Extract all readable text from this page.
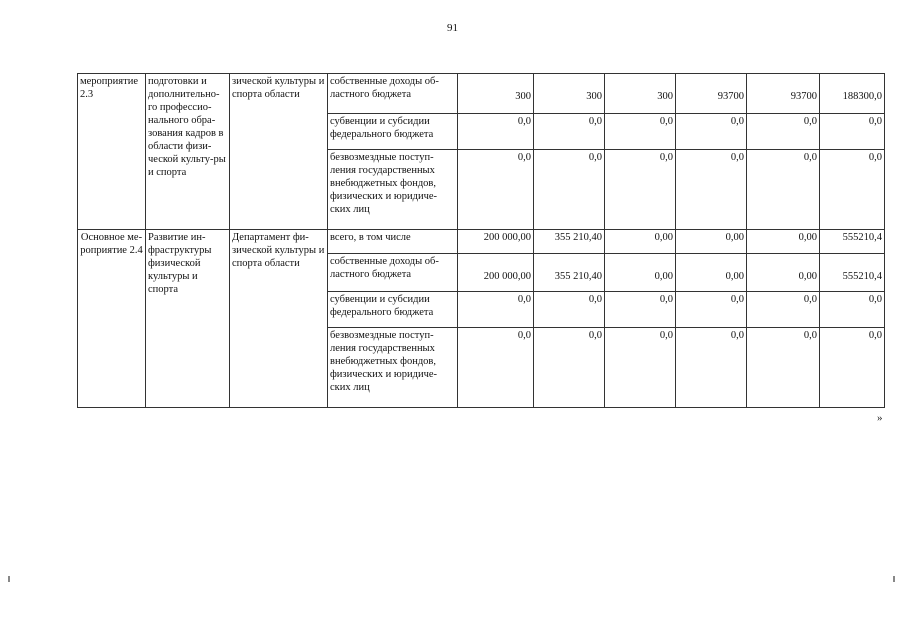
91
мероприятие 2.3	подготовки и дополнительно-го профессио-нального обра-зования кадров в области физи-ческой культу-ры и спорта	зической культуры и спорта области	собственные доходы об-ластного бюджета	300	300	300	93700	93700	188300,0
			субвенции и субсидии федерального бюджета	0,0	0,0	0,0	0,0	0,0	0,0
			безвозмездные поступ-ления государственных внебюджетных фондов, физических и юридиче-ских лиц	0,0	0,0	0,0	0,0	0,0	0,0
Основное ме-роприятие 2.4	Развитие ин-фраструктуры физической культуры и спорта	Департамент фи-зической культуры и спорта области	всего, в том числе	200 000,00	355 210,40	0,00	0,00	0,00	555210,4
			собственные доходы об-ластного бюджета	200 000,00	355 210,40	0,00	0,00	0,00	555210,4
			субвенции и субсидии федерального бюджета	0,0	0,0	0,0	0,0	0,0	0,0
			безвозмездные поступ-ления государственных внебюджетных фондов, физических и юридиче-ских лиц	0,0	0,0	0,0	0,0	0,0	0,0
»
